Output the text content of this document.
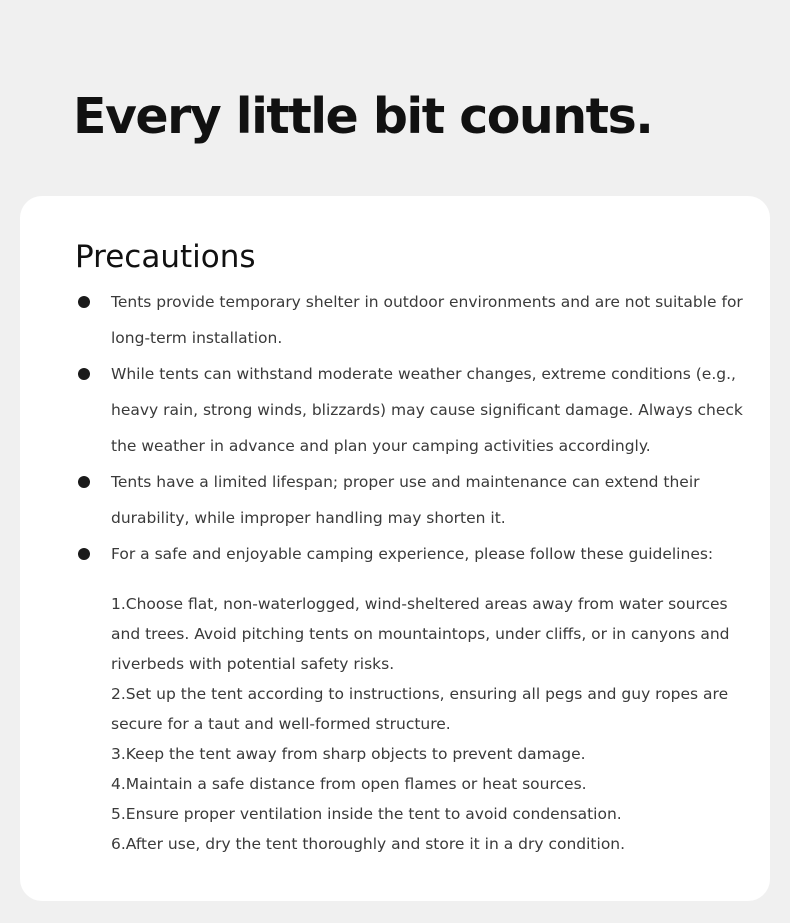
Every little bit counts.
Precautions
Tents provide temporary shelter in outdoor environments and are not suitable for long-term installation.
While tents can withstand moderate weather changes, extreme conditions (e.g., heavy rain, strong winds, blizzards) may cause significant damage. Always check the weather in advance and plan your camping activities accordingly.
Tents have a limited lifespan; proper use and maintenance can extend their durability, while improper handling may shorten it.
For a safe and enjoyable camping experience, please follow these guidelines:
1.Choose flat, non-waterlogged, wind-sheltered areas away from water sources and trees. Avoid pitching tents on mountaintops, under cliffs, or in canyons and riverbeds with potential safety risks.
2.Set up the tent according to instructions, ensuring all pegs and guy ropes are secure for a taut and well-formed structure.
3.Keep the tent away from sharp objects to prevent damage.
4.Maintain a safe distance from open flames or heat sources.
5.Ensure proper ventilation inside the tent to avoid condensation.
6.After use, dry the tent thoroughly and store it in a dry condition.
